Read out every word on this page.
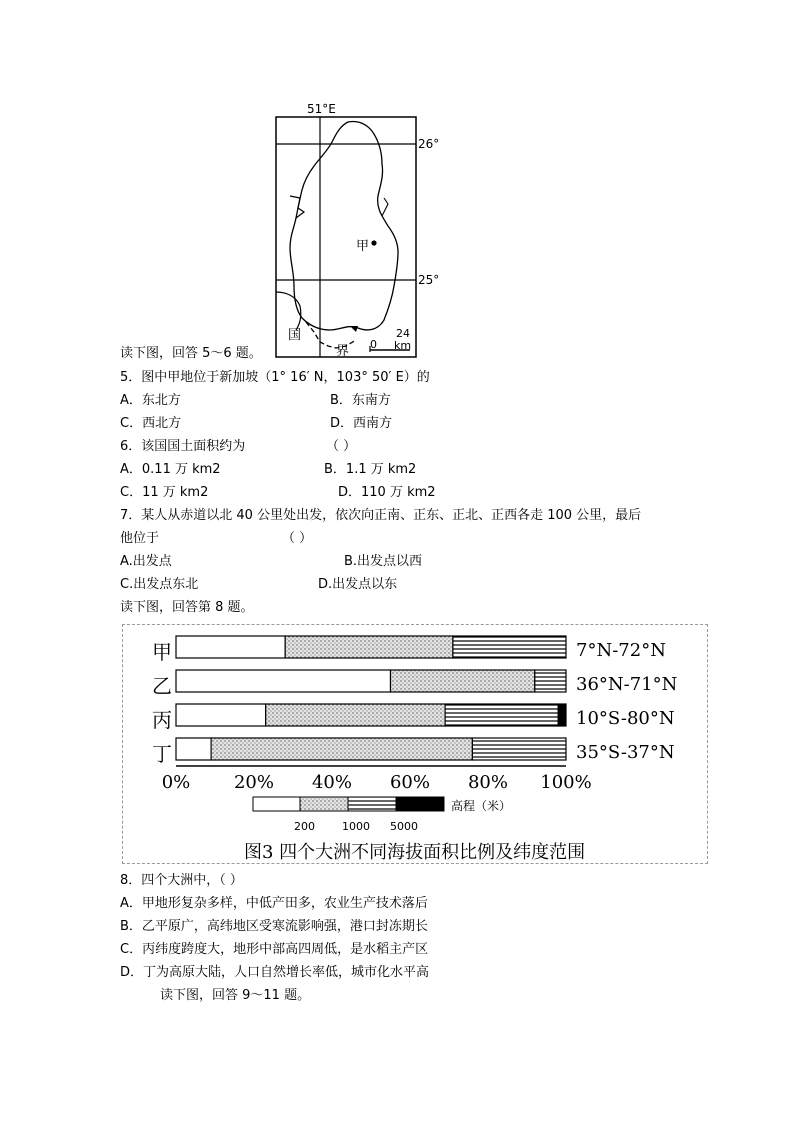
51°E
26°
25°
甲
国
界 0
24
km
读下图，回答 5～6 题。
5．图中甲地位于新加坡（1° 16′ N，103° 50′ E）的
A．东北方	B．东南方
C．西北方	D．西南方
6．该国国土面积约为	（ ）
A．0.11 万 km2	B．1.1 万 km2
C．11 万 km2	D．110 万 km2
7．某人从赤道以北 40 公里处出发，依次向正南、正东、正北、正西各走 100 公里，最后
他位于	（ ）
A.出发点	B.出发点以西
C.出发点东北	D.出发点以东
读下图，回答第 8 题。
0% 20% 40% 60% 80% 100%
甲
乙
丙
丁
7°N-72°N
36°N-71°N
10°S-80°N
35°S-37°N
高程（米）
200 1000 5000
图3 四个大洲不同海拔面积比例及纬度范围
8．四个大洲中，（ ）
A．甲地形复杂多样，中低产田多，农业生产技术落后
B．乙平原广，高纬地区受寒流影响强，港口封冻期长
C．丙纬度跨度大，地形中部高四周低，是水稻主产区
D．丁为高原大陆，人口自然增长率低，城市化水平高
读下图，回答 9～11 题。
